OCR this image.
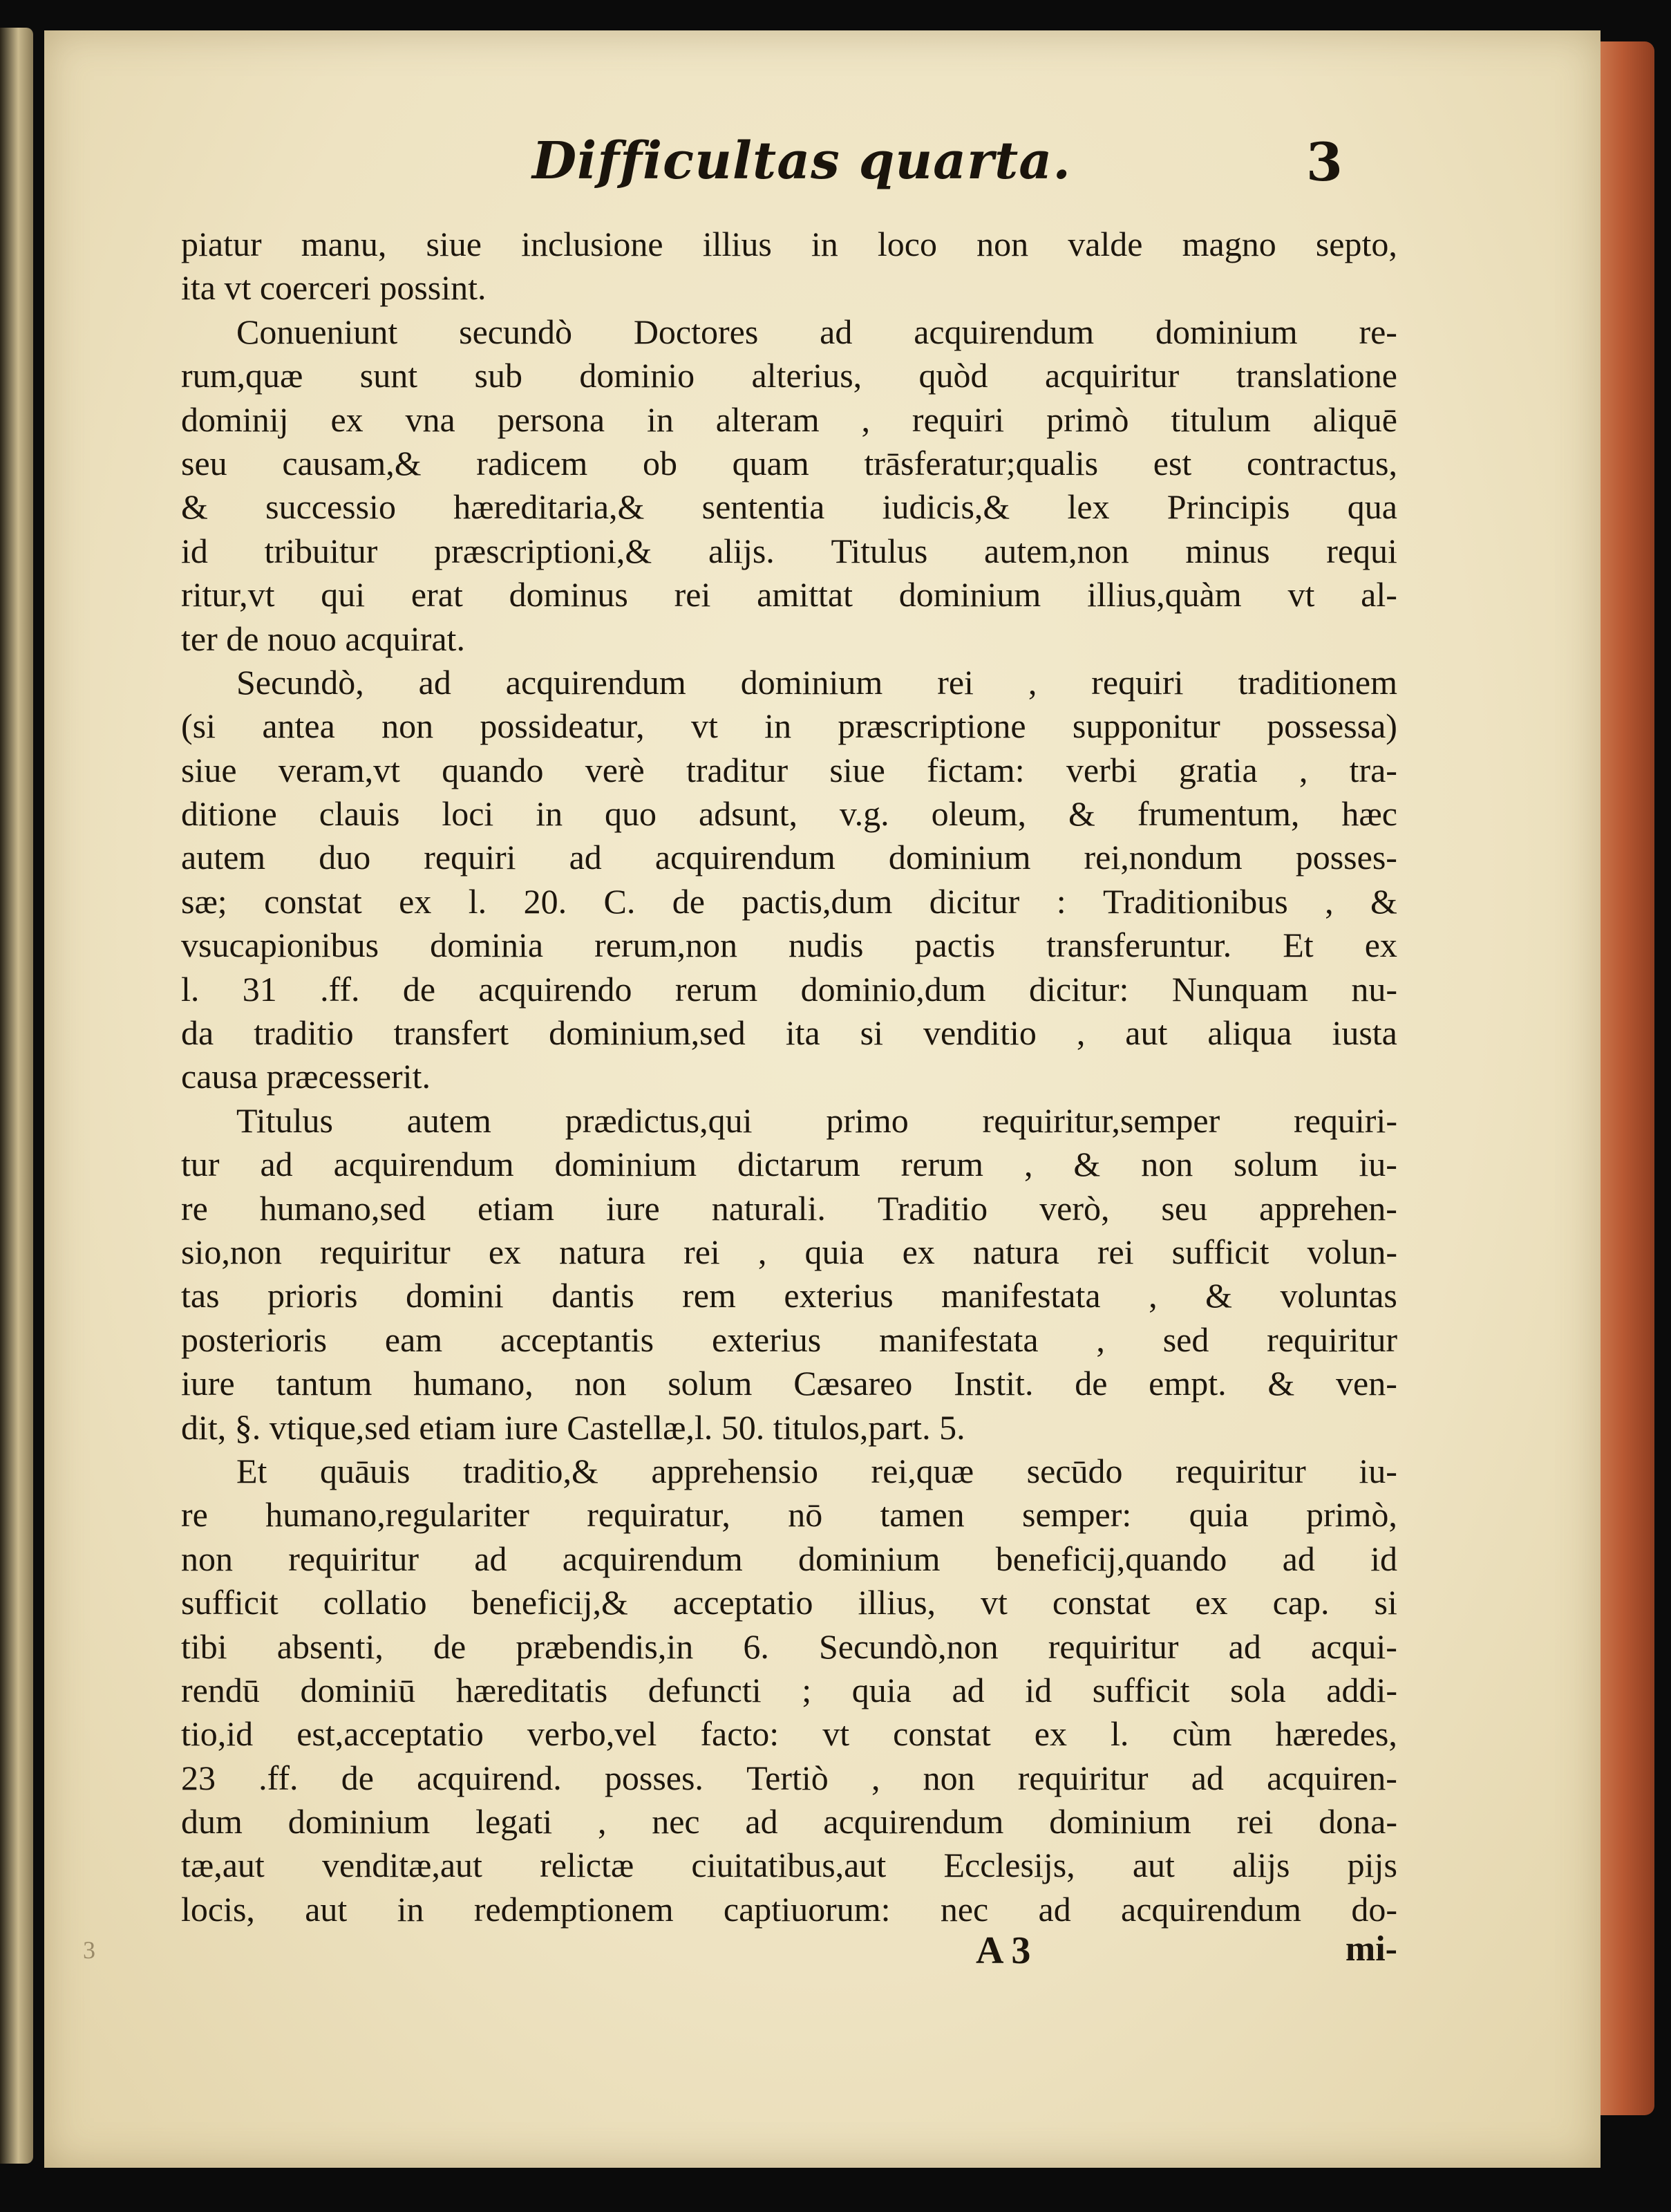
Difficultas quarta.	3
piatur manu, siue inclusione illius in loco non valde magno septo,
ita vt coerceri possint.
Conueniunt secundò Doctores ad acquirendum dominium re-
rum,quæ sunt sub dominio alterius, quòd acquiritur translatione
dominij ex vna persona in alteram , requiri primò titulum aliquē
seu causam,& radicem ob quam trāsferatur;qualis est contractus,
& successio hæreditaria,& sententia iudicis,& lex Principis qua
id tribuitur præscriptioni,& alijs. Titulus autem,non minus requi
ritur,vt qui erat dominus rei amittat dominium illius,quàm vt al-
ter de nouo acquirat.
Secundò, ad acquirendum dominium rei , requiri traditionem
(si antea non possideatur, vt in præscriptione supponitur possessa)
siue veram,vt quando verè traditur siue fictam: verbi gratia , tra-
ditione clauis loci in quo adsunt, v.g. oleum, & frumentum, hæc
autem duo requiri ad acquirendum dominium rei,nondum posses-
sæ; constat ex l. 20. C. de pactis,dum dicitur : Traditionibus , &
vsucapionibus dominia rerum,non nudis pactis transferuntur. Et ex
l. 31 .ff. de acquirendo rerum dominio,dum dicitur: Nunquam nu-
da traditio transfert dominium,sed ita si venditio , aut aliqua iusta
causa præcesserit.
Titulus autem prædictus,qui primo requiritur,semper requiri-
tur ad acquirendum dominium dictarum rerum , & non solum iu-
re humano,sed etiam iure naturali. Traditio verò, seu apprehen-
sio,non requiritur ex natura rei , quia ex natura rei sufficit volun-
tas prioris domini dantis rem exterius manifestata , & voluntas
posterioris eam acceptantis exterius manifestata , sed requiritur
iure tantum humano, non solum Cæsareo Instit. de empt. & ven-
dit, §. vtique,sed etiam iure Castellæ,l. 50. titulos,part. 5.
Et quāuis traditio,& apprehensio rei,quæ secūdo requiritur iu-
re humano,regulariter requiratur, nō tamen semper: quia primò,
non requiritur ad acquirendum dominium beneficij,quando ad id
sufficit collatio beneficij,& acceptatio illius, vt constat ex cap. si
tibi absenti, de præbendis,in 6. Secundò,non requiritur ad acqui-
rendū dominiū hæreditatis defuncti ; quia ad id sufficit sola addi-
tio,id est,acceptatio verbo,vel facto: vt constat ex l. cùm hæredes,
23 .ff. de acquirend. posses. Tertiò , non requiritur ad acquiren-
dum dominium legati , nec ad acquirendum dominium rei dona-
tæ,aut venditæ,aut relictæ ciuitatibus,aut Ecclesijs, aut alijs pijs
locis, aut in redemptionem captiuorum: nec ad acquirendum do-
A 3	mi-
3
